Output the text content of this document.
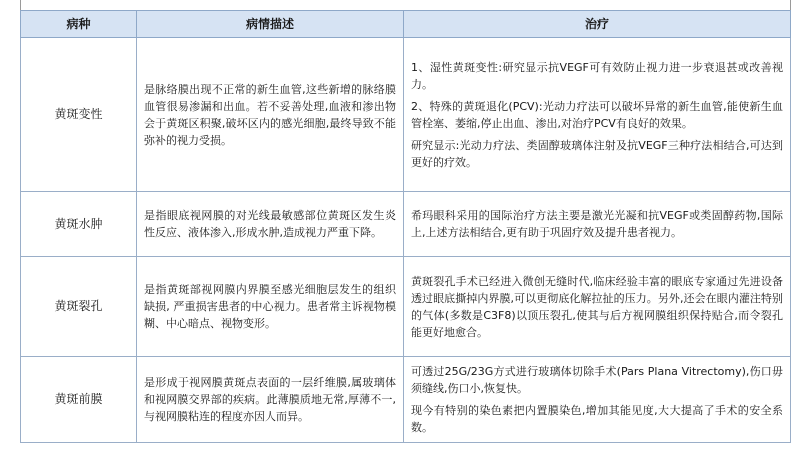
病种	病情描述	治疗
黄斑变性	是脉络膜出现不正常的新生血管,这些新增的脉络膜血管很易渗漏和出血。若不妥善处理,血液和渗出物会于黄斑区积聚,破坏区内的感光细胞,最终导致不能弥补的视力受损。	1、湿性黄斑变性:研究显示抗VEGF可有效防止视力进一步衰退甚或改善视力。

2、特殊的黄斑退化(PCV):光动力疗法可以破坏异常的新生血管,能使新生血管栓塞、萎缩,停止出血、渗出,对治疗PCV有良好的效果。

研究显示:光动力疗法、类固醇玻璃体注射及抗VEGF三种疗法相结合,可达到更好的疗效。

黄斑水肿	是指眼底视网膜的对光线最敏感部位黄斑区发生炎性反应、液体渗入,形成水肿,造成视力严重下降。	希玛眼科采用的国际治疗方法主要是激光光凝和抗VEGF或类固醇药物,国际上,上述方法相结合,更有助于巩固疗效及提升患者视力。

黄斑裂孔	是指黄斑部视网膜内界膜至感光细胞层发生的组织缺损, 严重损害患者的中心视力。患者常主诉视物模糊、中心暗点、视物变形。	黄斑裂孔手术已经进入微创无缝时代,临床经验丰富的眼底专家通过先进设备透过眼底撕掉内界膜,可以更彻底化解拉扯的压力。另外,还会在眼内灌注特别的气体(多数是C3F8)以顶压裂孔,使其与后方视网膜组织保持贴合,而令裂孔能更好地愈合。

黄斑前膜	是形成于视网膜黄斑点表面的一层纤维膜,属玻璃体和视网膜交界部的疾病。此薄膜质地无常,厚薄不一,与视网膜粘连的程度亦因人而异。	可透过25G/23G方式进行玻璃体切除手术(Pars Plana Vitrectomy),伤口毋须缝线,伤口小,恢复快。

现今有特别的染色素把内置膜染色,增加其能见度,大大提高了手术的安全系数。
